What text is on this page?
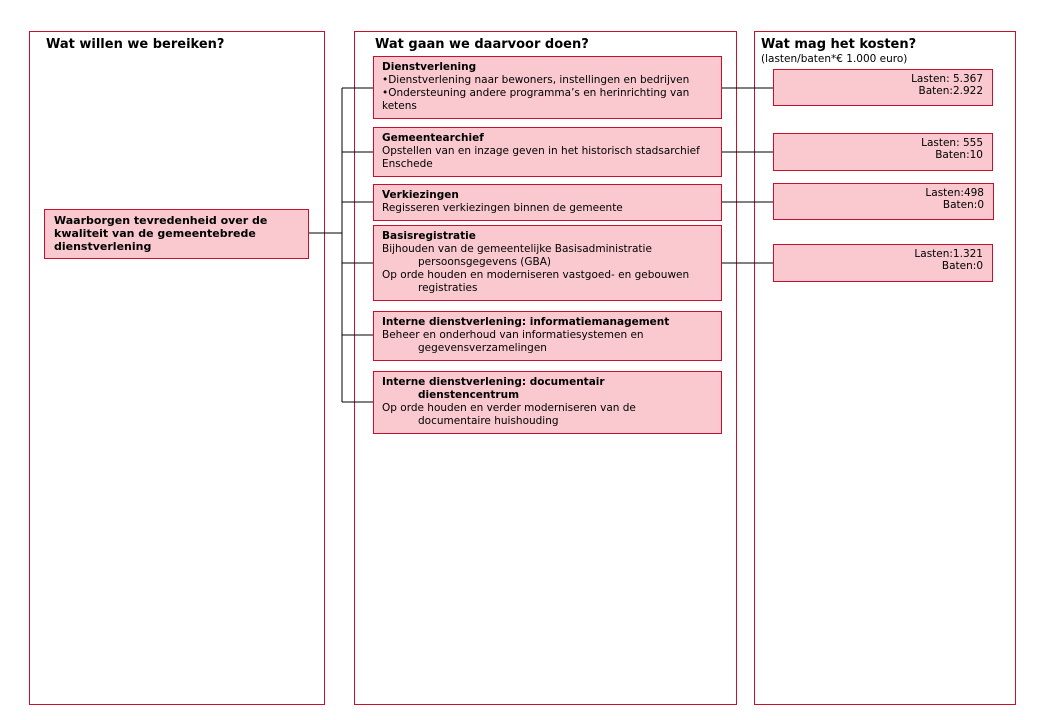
Wat willen we bereiken?	Wat gaan we daarvoor doen?	Wat mag het kosten?
(lasten/baten*€ 1.000 euro)
Waarborgen tevredenheid over de kwaliteit van de gemeentebrede dienstverlening
Dienstverlening
•Dienstverlening naar bewoners, instellingen en bedrijven
•Ondersteuning andere programma’s en herinrichting van ketens
Gemeentearchief
Opstellen van en inzage geven in het historisch stadsarchief Enschede
Verkiezingen
Regisseren verkiezingen binnen de gemeente
Basisregistratie
Bijhouden van de gemeentelijke Basisadministratie
persoonsgegevens (GBA)
Op orde houden en moderniseren vastgoed- en gebouwen
registraties
Interne dienstverlening: informatiemanagement
Beheer en onderhoud van informatiesystemen en
gegevensverzamelingen
Interne dienstverlening: documentair
dienstencentrum
Op orde houden en verder moderniseren van de
documentaire huishouding
Lasten: 5.367
Baten:2.922
Lasten: 555
Baten:10
Lasten:498
Baten:0
Lasten:1.321
Baten:0
